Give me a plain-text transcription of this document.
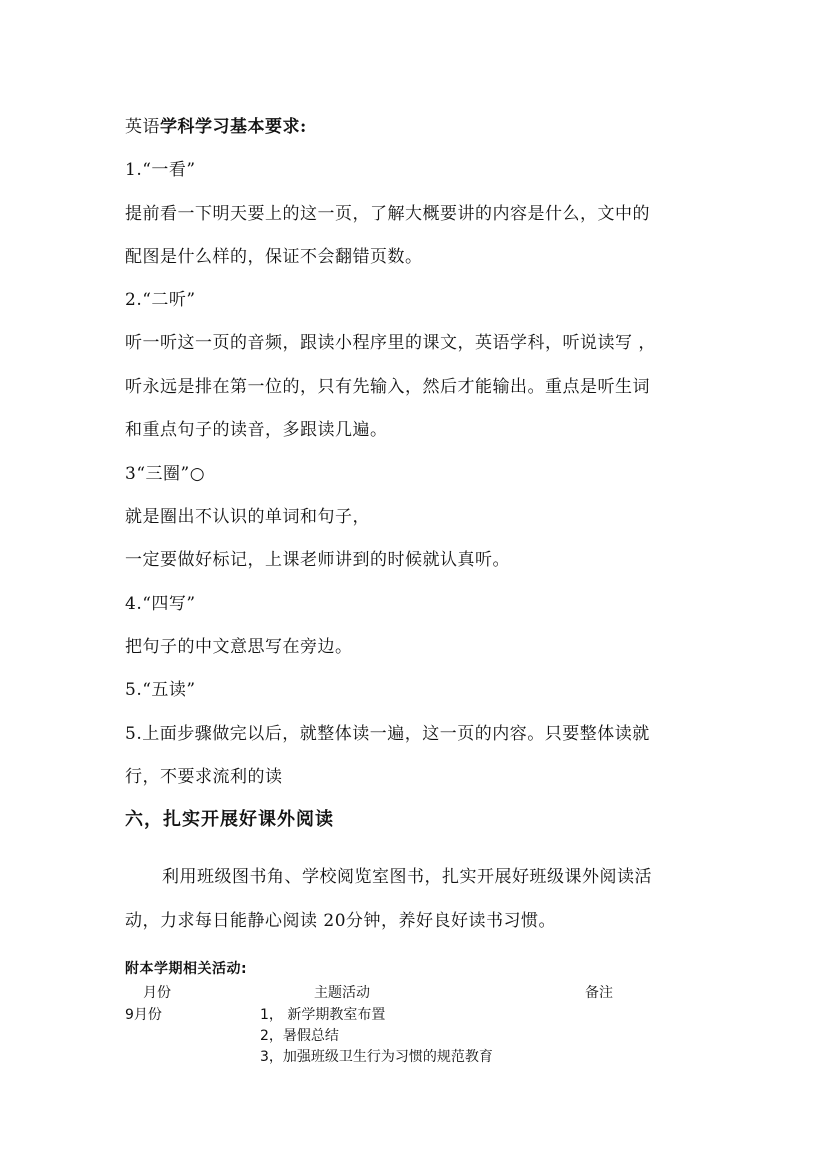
英语学科学习基本要求:
1.“一看”
提前看一下明天要上的这一页，了解大概要讲的内容是什么，文中的
配图是什么样的，保证不会翻错页数。
2.“二听”
听一听这一页的音频，跟读小程序里的课文，英语学科，听说读写 ，
听永远是排在第一位的，只有先输入，然后才能输出。重点是听生词
和重点句子的读音，多跟读几遍。
3“三圈”○
就是圈出不认识的单词和句子，
一定要做好标记，上课老师讲到的时候就认真听。
4.“四写”
把句子的中文意思写在旁边。
5.“五读”
5.上面步骤做完以后，就整体读一遍，这一页的内容。只要整体读就
行，不要求流利的读
六，扎实开展好课外阅读
利用班级图书角、学校阅览室图书，扎实开展好班级课外阅读活
动，力求每日能静心阅读 20分钟，养好良好读书习惯。
附本学期相关活动:
月份	主题活动	备注
9月份	1， 新学期教室布置
2，暑假总结
3，加强班级卫生行为习惯的规范教育
